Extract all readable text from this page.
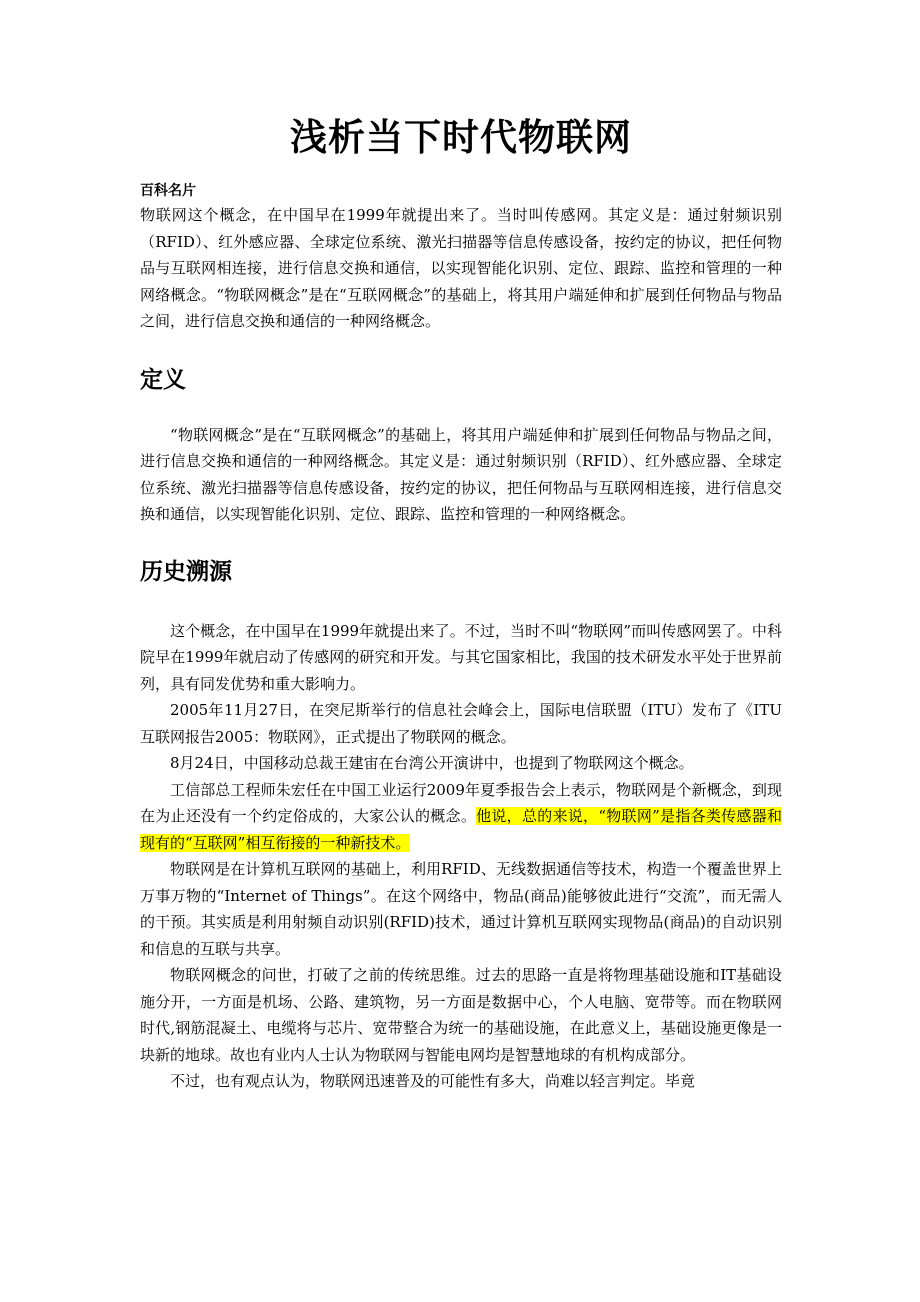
浅析当下时代物联网
百科名片

物联网这个概念，在中国早在1999年就提出来了。当时叫传感网。其定义是：通过射频识别（RFID）、红外感应器、全球定位系统、激光扫描器等信息传感设备，按约定的协议，把任何物品与互联网相连接，进行信息交换和通信，以实现智能化识别、定位、跟踪、监控和管理的一种网络概念。“物联网概念”是在“互联网概念”的基础上，将其用户端延伸和扩展到任何物品与物品之间，进行信息交换和通信的一种网络概念。

定义

“物联网概念”是在“互联网概念”的基础上，将其用户端延伸和扩展到任何物品与物品之间，进行信息交换和通信的一种网络概念。其定义是：通过射频识别（RFID）、红外感应器、全球定位系统、激光扫描器等信息传感设备，按约定的协议，把任何物品与互联网相连接，进行信息交换和通信，以实现智能化识别、定位、跟踪、监控和管理的一种网络概念。

历史溯源

这个概念，在中国早在1999年就提出来了。不过，当时不叫“物联网”而叫传感网罢了。中科院早在1999年就启动了传感网的研究和开发。与其它国家相比，我国的技术研发水平处于世界前列，具有同发优势和重大影响力。

2005年11月27日，在突尼斯举行的信息社会峰会上，国际电信联盟（ITU）发布了《ITU互联网报告2005：物联网》，正式提出了物联网的概念。

8月24日，中国移动总裁王建宙在台湾公开演讲中，也提到了物联网这个概念。

工信部总工程师朱宏任在中国工业运行2009年夏季报告会上表示，物联网是个新概念，到现在为止还没有一个约定俗成的，大家公认的概念。他说，总的来说，“物联网”是指各类传感器和现有的“互联网”相互衔接的一种新技术。

物联网是在计算机互联网的基础上，利用RFID、无线数据通信等技术，构造一个覆盖世界上万事万物的“Internet of Things”。在这个网络中，物品(商品)能够彼此进行“交流”，而无需人的干预。其实质是利用射频自动识别(RFID)技术，通过计算机互联网实现物品(商品)的自动识别和信息的互联与共享。

物联网概念的问世，打破了之前的传统思维。过去的思路一直是将物理基础设施和IT基础设施分开，一方面是机场、公路、建筑物，另一方面是数据中心，个人电脑、宽带等。而在物联网时代,钢筋混凝土、电缆将与芯片、宽带整合为统一的基础设施，在此意义上，基础设施更像是一块新的地球。故也有业内人士认为物联网与智能电网均是智慧地球的有机构成部分。

不过，也有观点认为，物联网迅速普及的可能性有多大，尚难以轻言判定。毕竟
